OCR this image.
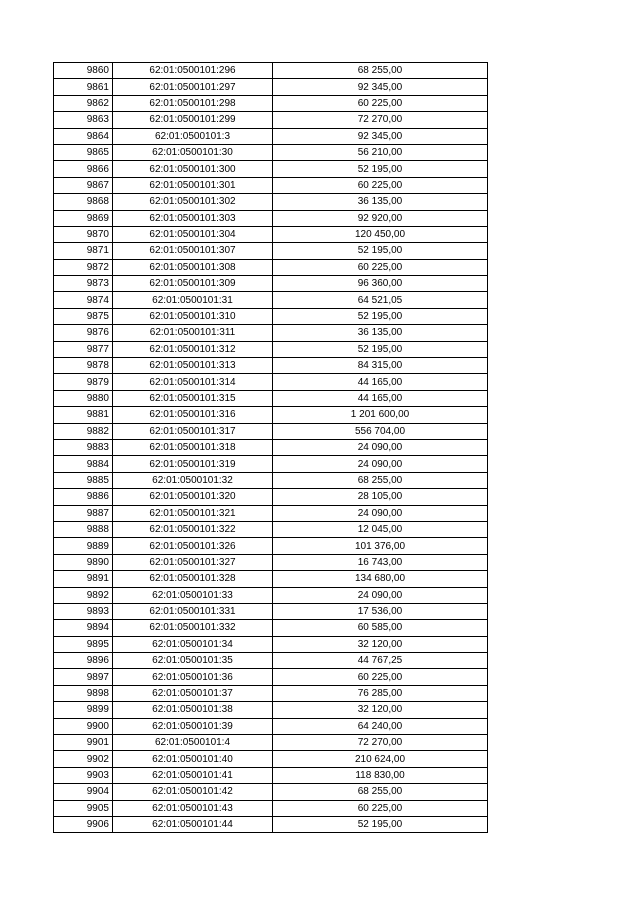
9860	62:01:0500101:296	68 255,00
9861	62:01:0500101:297	92 345,00
9862	62:01:0500101:298	60 225,00
9863	62:01:0500101:299	72 270,00
9864	62:01:0500101:3	92 345,00
9865	62:01:0500101:30	56 210,00
9866	62:01:0500101:300	52 195,00
9867	62:01:0500101:301	60 225,00
9868	62:01:0500101:302	36 135,00
9869	62:01:0500101:303	92 920,00
9870	62:01:0500101:304	120 450,00
9871	62:01:0500101:307	52 195,00
9872	62:01:0500101:308	60 225,00
9873	62:01:0500101:309	96 360,00
9874	62:01:0500101:31	64 521,05
9875	62:01:0500101:310	52 195,00
9876	62:01:0500101:311	36 135,00
9877	62:01:0500101:312	52 195,00
9878	62:01:0500101:313	84 315,00
9879	62:01:0500101:314	44 165,00
9880	62:01:0500101:315	44 165,00
9881	62:01:0500101:316	1 201 600,00
9882	62:01:0500101:317	556 704,00
9883	62:01:0500101:318	24 090,00
9884	62:01:0500101:319	24 090,00
9885	62:01:0500101:32	68 255,00
9886	62:01:0500101:320	28 105,00
9887	62:01:0500101:321	24 090,00
9888	62:01:0500101:322	12 045,00
9889	62:01:0500101:326	101 376,00
9890	62:01:0500101:327	16 743,00
9891	62:01:0500101:328	134 680,00
9892	62:01:0500101:33	24 090,00
9893	62:01:0500101:331	17 536,00
9894	62:01:0500101:332	60 585,00
9895	62:01:0500101:34	32 120,00
9896	62:01:0500101:35	44 767,25
9897	62:01:0500101:36	60 225,00
9898	62:01:0500101:37	76 285,00
9899	62:01:0500101:38	32 120,00
9900	62:01:0500101:39	64 240,00
9901	62:01:0500101:4	72 270,00
9902	62:01:0500101:40	210 624,00
9903	62:01:0500101:41	118 830,00
9904	62:01:0500101:42	68 255,00
9905	62:01:0500101:43	60 225,00
9906	62:01:0500101:44	52 195,00
